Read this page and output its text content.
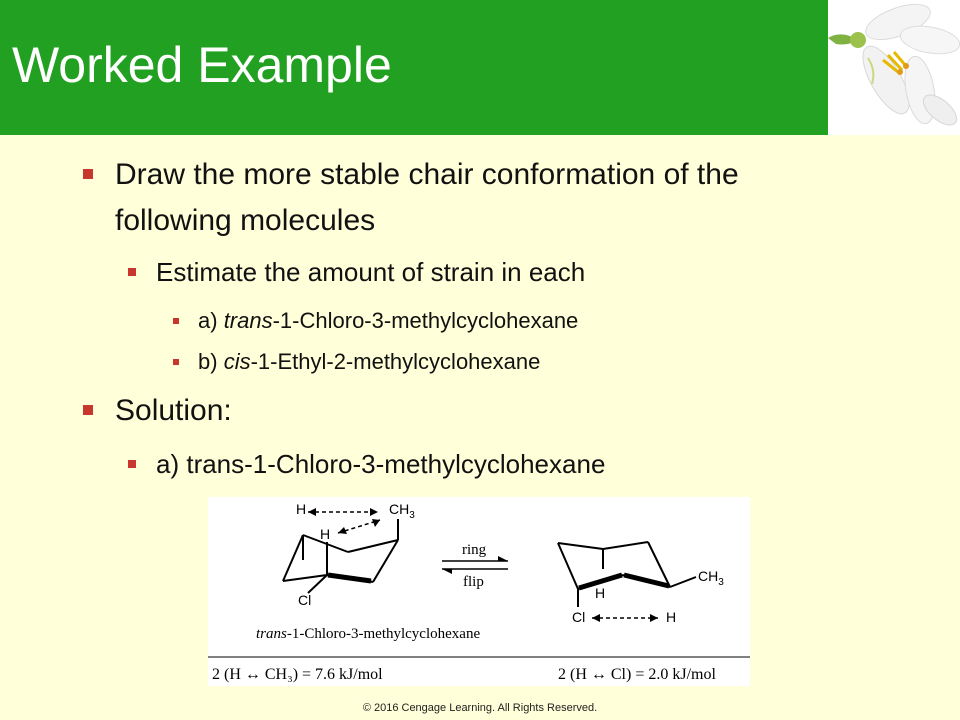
Worked Example
Draw the more stable chair conformation of the
following molecules
Estimate the amount of strain in each
a) trans-1-Chloro-3-methylcyclohexane
b) cis-1-Ethyl-2-methylcyclohexane
Solution:
a) trans-1-Chloro-3-methylcyclohexane
H	$CH_3$
H
Cl
ring
flip	$CH_3$
H
Cl	H
trans-1-Chloro-3-methylcyclohexane
2 (H ↔ CH₃) = 7.6 kJ/mol	2 (H ↔ Cl) = 2.0 kJ/mol
© 2016 Cengage Learning. All Rights Reserved.
